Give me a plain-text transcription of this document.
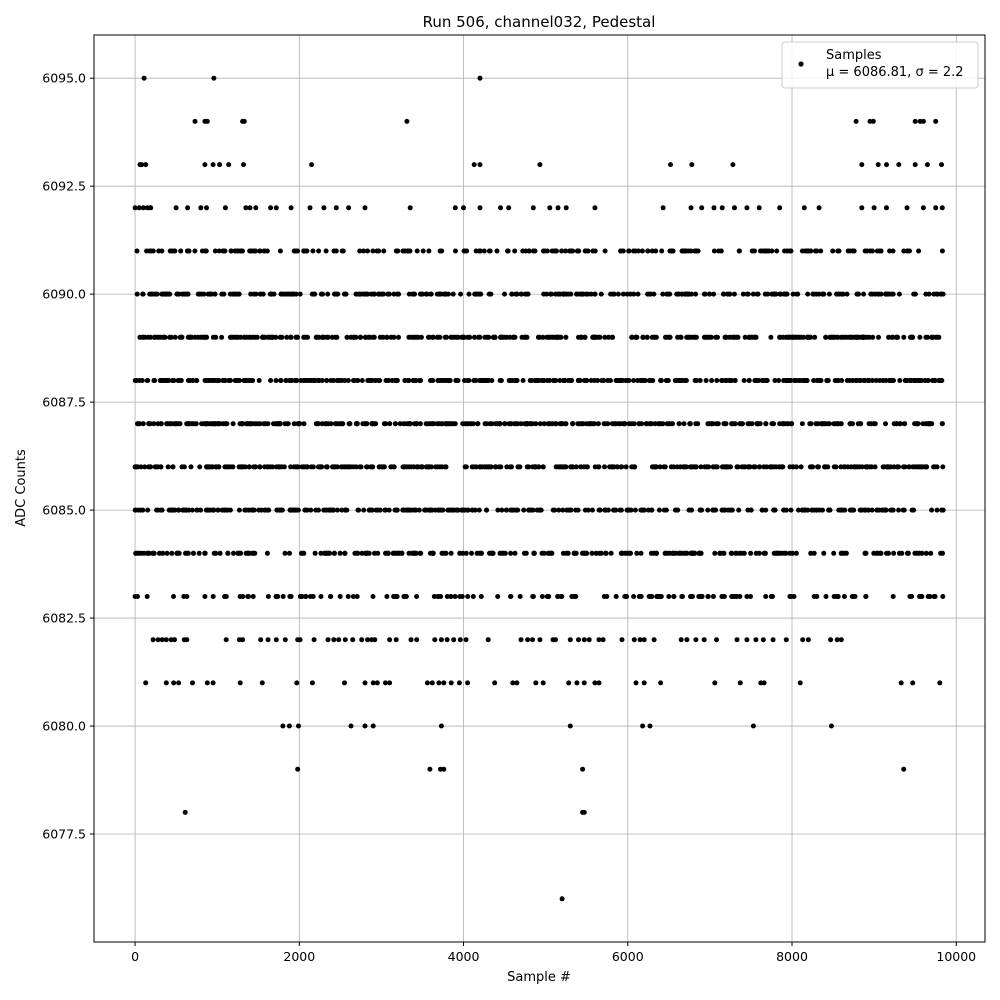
0	2000	4000	6000	8000	10000
6077.5
6080.0
6082.5
6085.0
6087.5
6090.0
6092.5
6095.0
Run 506, channel032, Pedestal
Sample #
ADC Counts
Samples
μ = 6086.81, σ = 2.2
